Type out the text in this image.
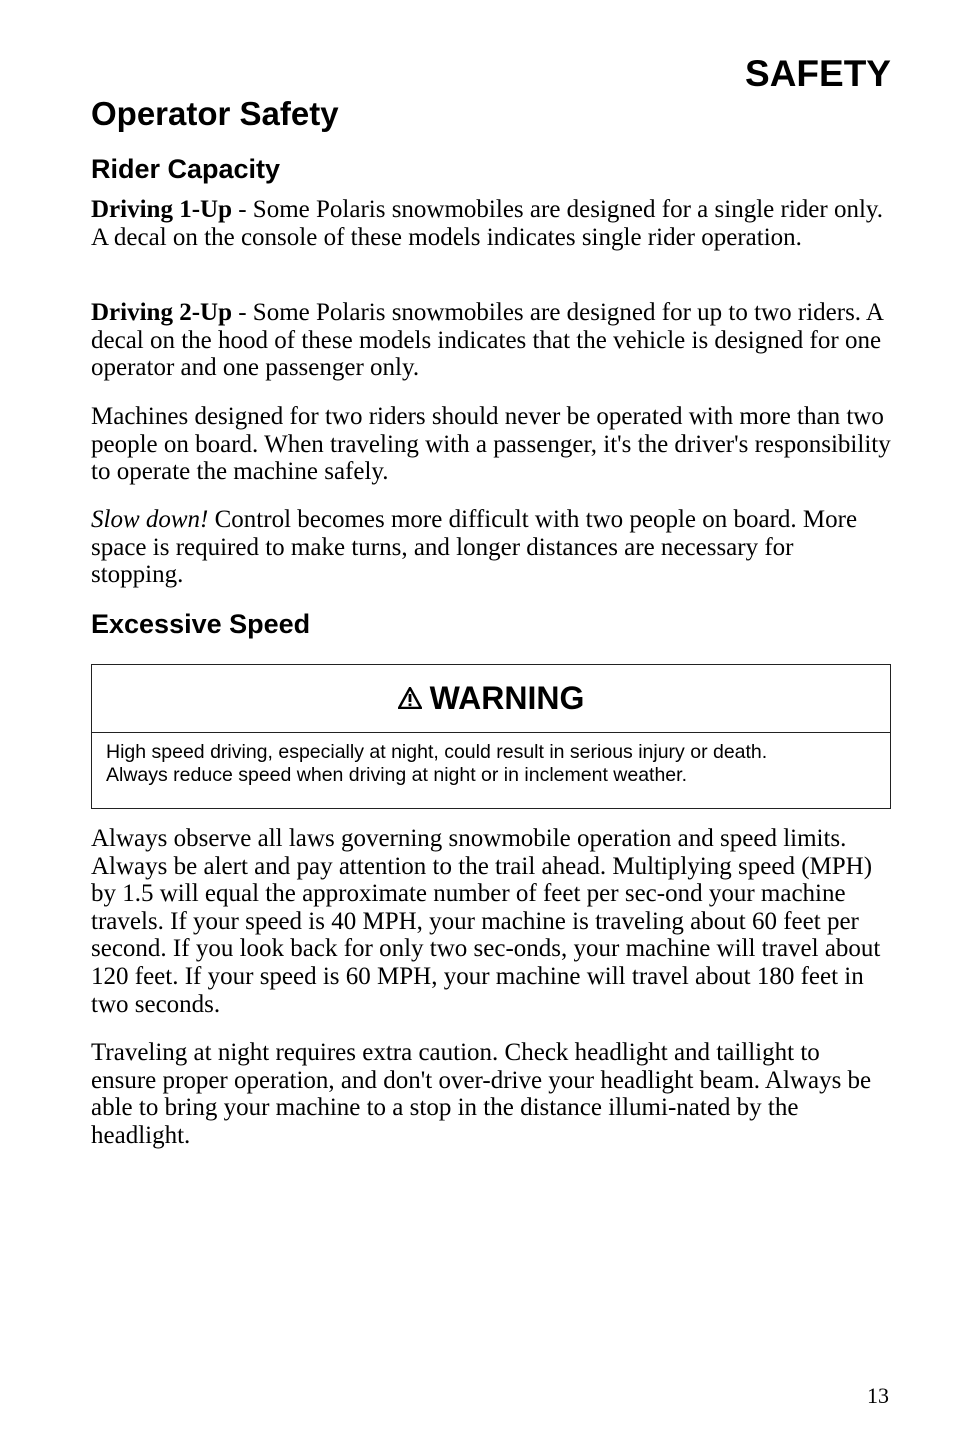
SAFETY
Operator Safety
Rider Capacity

Driving 1-Up - Some Polaris snowmobiles are designed for a single rider only. A decal on the console of these models indicates single rider operation.

Driving 2-Up - Some Polaris snowmobiles are designed for up to two riders. A decal on the hood of these models indicates that the vehicle is designed for one operator and one passenger only.

Machines designed for two riders should never be operated with more than two people on board. When traveling with a passenger, it's the driver's responsibility to operate the machine safely.

Slow down! Control becomes more difficult with two people on board. More space is required to make turns, and longer distances are necessary for stopping.

Excessive Speed
WARNING
High speed driving, especially at night, could result in serious injury or death.
Always reduce speed when driving at night or in inclement weather.

Always observe all laws governing snowmobile operation and speed limits. Always be alert and pay attention to the trail ahead. Multiplying speed (MPH) by 1.5 will equal the approximate number of feet per sec-ond your machine travels. If your speed is 40 MPH, your machine is traveling about 60 feet per second. If you look back for only two sec-onds, your machine will travel about 120 feet. If your speed is 60 MPH, your machine will travel about 180 feet in two seconds.

Traveling at night requires extra caution. Check headlight and taillight to ensure proper operation, and don't over-drive your headlight beam. Always be able to bring your machine to a stop in the distance illumi-nated by the headlight.

13
